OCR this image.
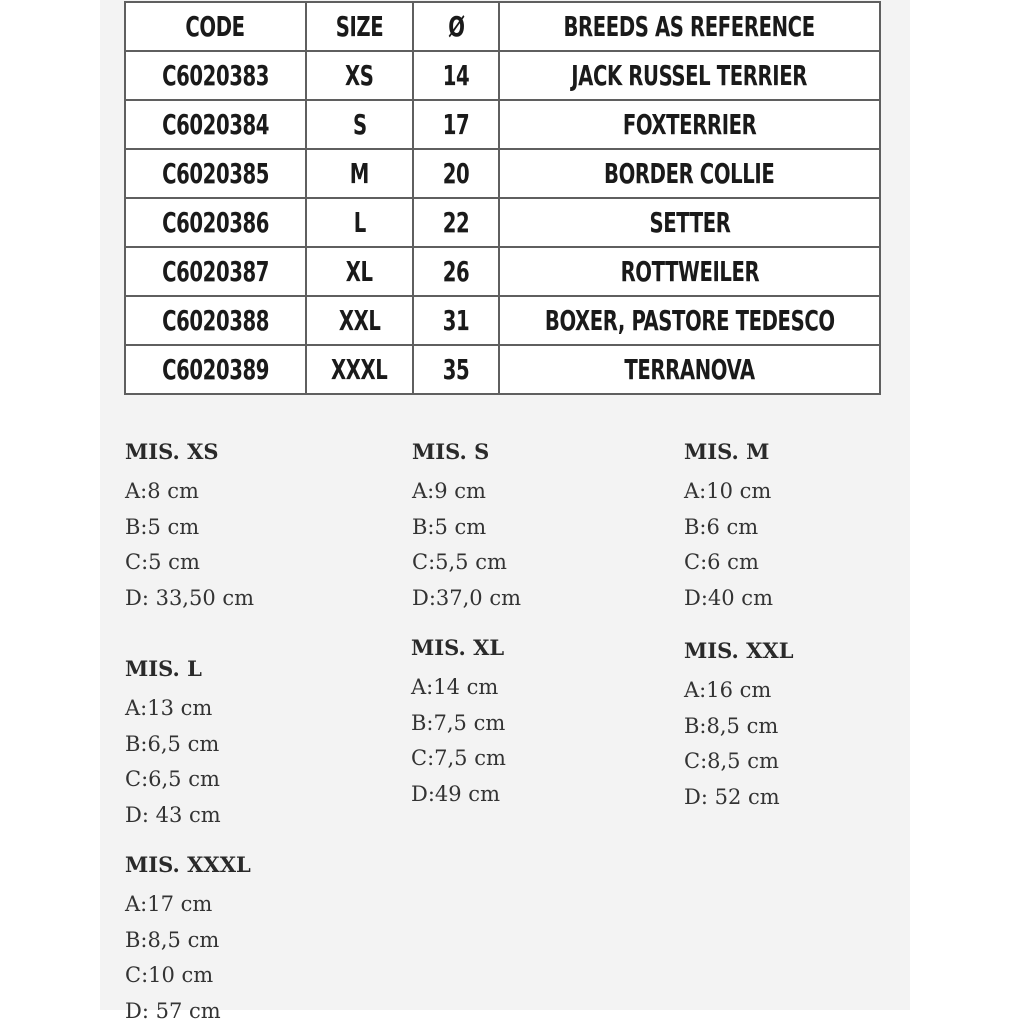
CODE	SIZE	Ø	BREEDS AS REFERENCE
C6020383	XS	14	JACK RUSSEL TERRIER
C6020384	S	17	FOXTERRIER
C6020385	M	20	BORDER COLLIE
C6020386	L	22	SETTER
C6020387	XL	26	ROTTWEILER
C6020388	XXL	31	BOXER, PASTORE TEDESCO
C6020389	XXXL	35	TERRANOVA
MIS. XS
A:8 cm
B:5 cm
C:5 cm
D: 33,50 cm
MIS. S
A:9 cm
B:5 cm
C:5,5 cm
D:37,0 cm
MIS. M
A:10 cm
B:6 cm
C:6 cm
D:40 cm
MIS. L
A:13 cm
B:6,5 cm
C:6,5 cm
D: 43 cm
MIS. XL
A:14 cm
B:7,5 cm
C:7,5 cm
D:49 cm
MIS. XXL
A:16 cm
B:8,5 cm
C:8,5 cm
D: 52 cm
MIS. XXXL
A:17 cm
B:8,5 cm
C:10 cm
D: 57 cm
